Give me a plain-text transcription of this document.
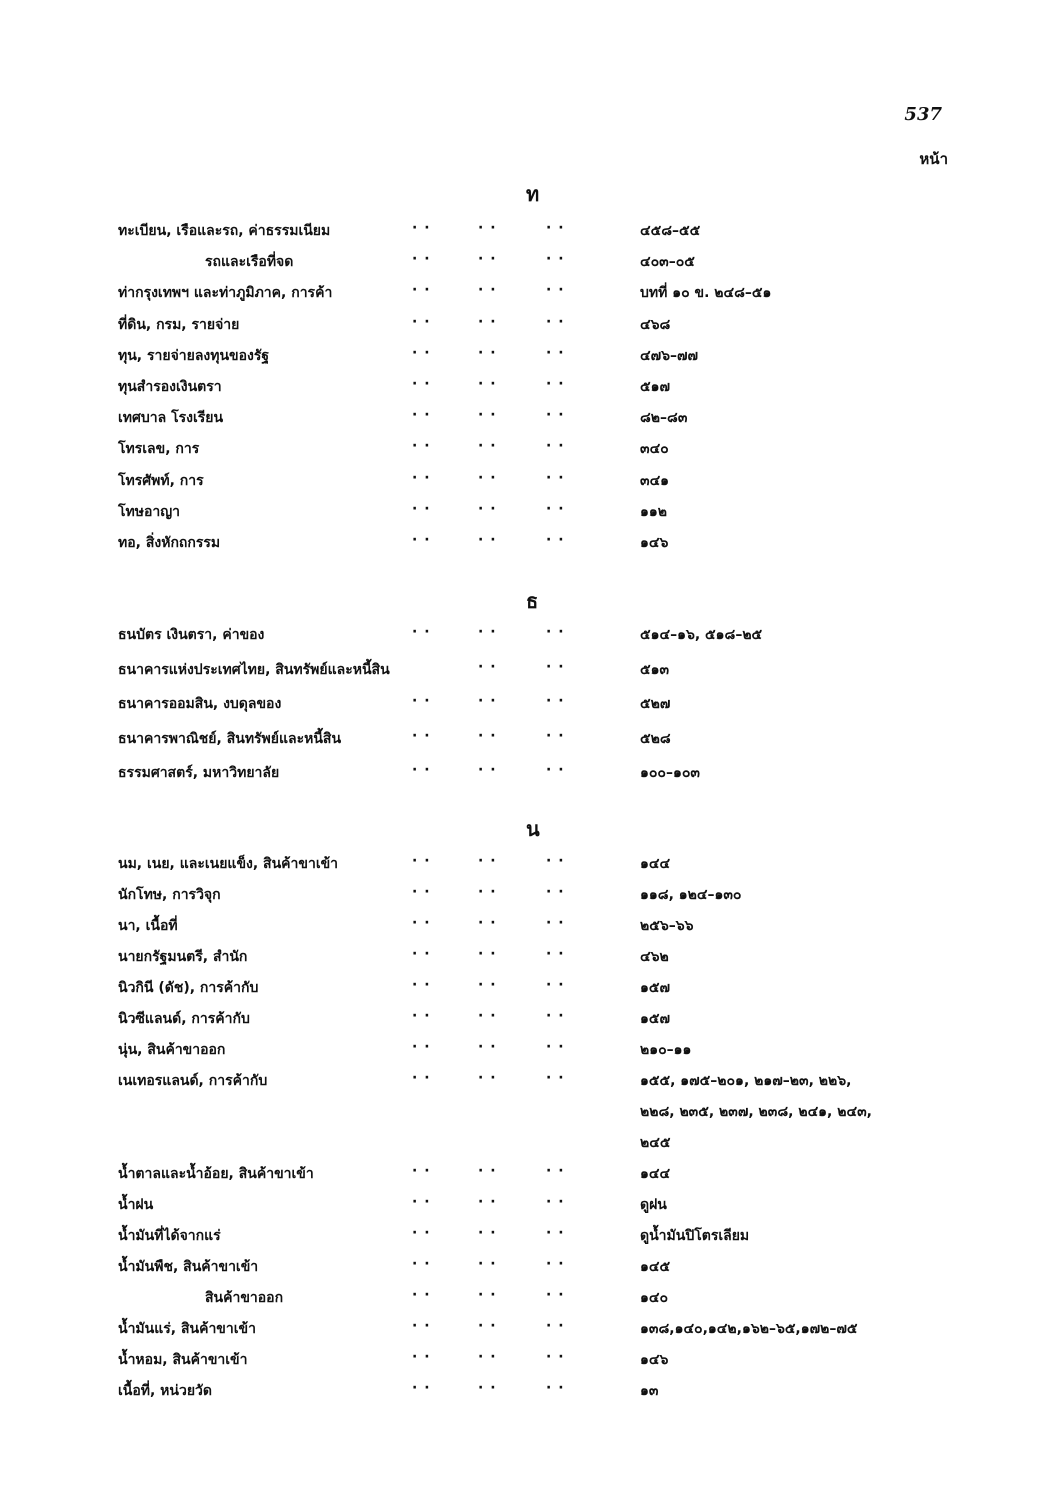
537
หน้า
ท
ทะเบียน, เรือและรถ, ค่าธรรมเนียม	· ·	· ·	· ·	๔๕๘–๕๕
รถและเรือที่จด	· ·	· ·	· ·	๔๐๓–๐๕
ท่ากรุงเทพฯ และท่าภูมิภาค, การค้า	· ·	· ·	· ·	บทที่ ๑๐ ข. ๒๔๘–๕๑
ที่ดิน, กรม, รายจ่าย	· ·	· ·	· ·	๔๖๘
ทุน, รายจ่ายลงทุนของรัฐ	· ·	· ·	· ·	๔๗๖–๗๗
ทุนสำรองเงินตรา	· ·	· ·	· ·	๕๑๗
เทศบาล โรงเรียน	· ·	· ·	· ·	๘๒–๘๓
โทรเลข, การ	· ·	· ·	· ·	๓๔๐
โทรศัพท์, การ	· ·	· ·	· ·	๓๔๑
โทษอาญา	· ·	· ·	· ·	๑๑๒
ทอ, สิ่งหักถกรรม	· ·	· ·	· ·	๑๔๖
ธ
ธนบัตร เงินตรา, ค่าของ	· ·	· ·	· ·	๕๑๔–๑๖, ๕๑๘–๒๕
ธนาคารแห่งประเทศไทย, สินทรัพย์และหนี้สิน	· ·	· ·	๕๑๓
ธนาคารออมสิน, งบดุลของ	· ·	· ·	· ·	๕๒๗
ธนาคารพาณิชย์, สินทรัพย์และหนี้สิน	· ·	· ·	· ·	๕๒๘
ธรรมศาสตร์, มหาวิทยาลัย	· ·	· ·	· ·	๑๐๐–๑๐๓
น
นม, เนย, และเนยแข็ง, สินค้าขาเข้า	· ·	· ·	· ·	๑๔๔
นักโทษ, การวิจุก	· ·	· ·	· ·	๑๑๘, ๑๒๔–๑๓๐
นา, เนื้อที่	· ·	· ·	· ·	๒๕๖–๖๖
นายกรัฐมนตรี, สำนัก	· ·	· ·	· ·	๔๖๒
นิวกินี (ดัช), การค้ากับ	· ·	· ·	· ·	๑๕๗
นิวซีแลนด์, การค้ากับ	· ·	· ·	· ·	๑๕๗
นุ่น, สินค้าขาออก	· ·	· ·	· ·	๒๑๐–๑๑
เนเทอรแลนด์, การค้ากับ	· ·	· ·	· ·	๑๕๕, ๑๗๕–๒๐๑, ๒๑๗–๒๓, ๒๒๖,
๒๒๘, ๒๓๕, ๒๓๗, ๒๓๘, ๒๔๑, ๒๔๓,
๒๔๕
น้ำตาลและน้ำอ้อย, สินค้าขาเข้า	· ·	· ·	· ·	๑๔๔
น้ำฝน	· ·	· ·	· ·	ดูฝน
น้ำมันที่ได้จากแร่	· ·	· ·	· ·	ดูน้ำมันปิโตรเลียม
น้ำมันพืช, สินค้าขาเข้า	· ·	· ·	· ·	๑๔๕
สินค้าขาออก	· ·	· ·	· ·	๑๔๐
น้ำมันแร่, สินค้าขาเข้า	· ·	· ·	· ·	๑๓๘,๑๔๐,๑๔๒,๑๖๒–๖๕,๑๗๒–๗๕
น้ำหอม, สินค้าขาเข้า	· ·	· ·	· ·	๑๔๖
เนื้อที่, หน่วยวัด	· ·	· ·	· ·	๑๓
